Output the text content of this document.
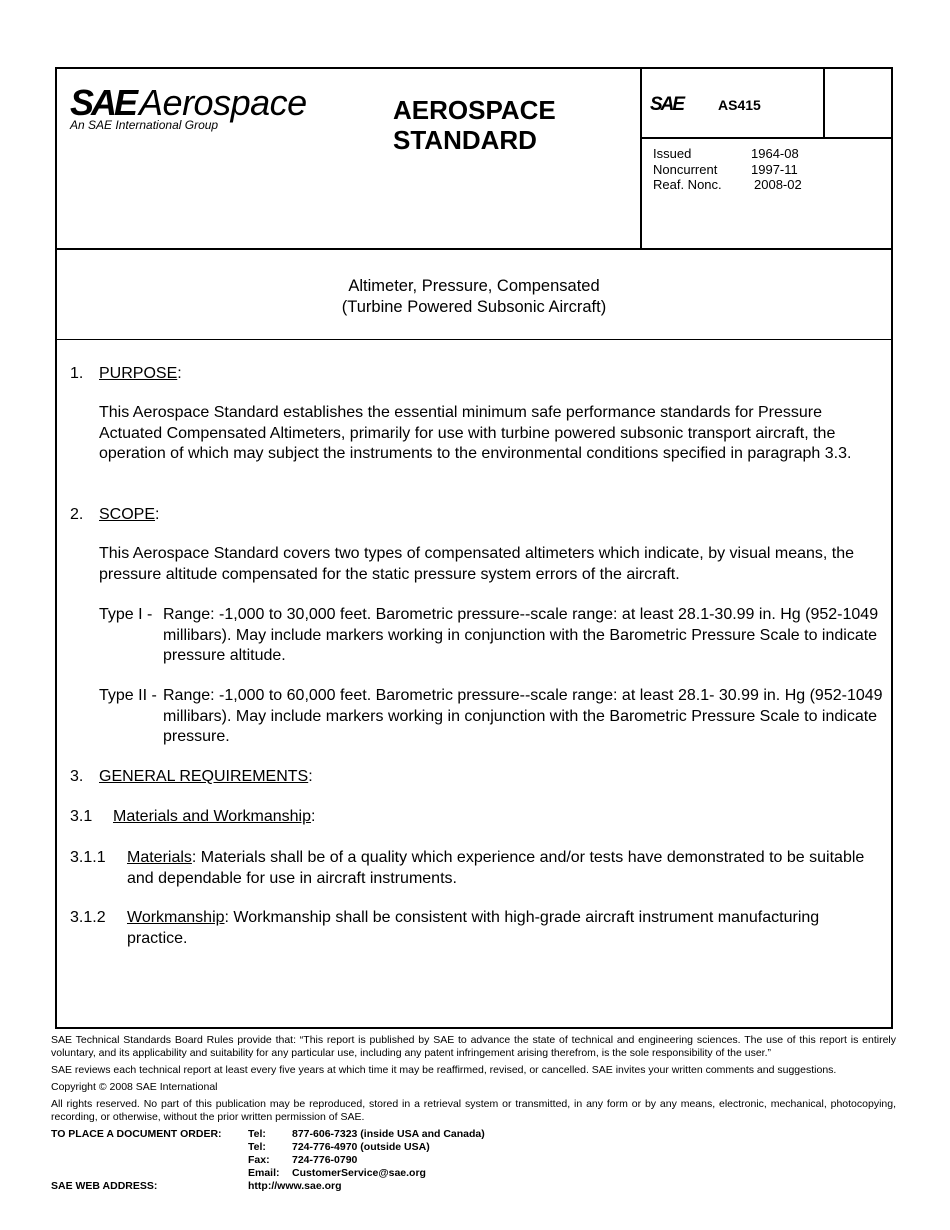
SAE Aerospace
An SAE International Group	AEROSPACE
STANDARD
SAE AS415
Issued	1964-08
Noncurrent	1997-11
Reaf. Nonc.	2008-02
Altimeter, Pressure, Compensated
(Turbine Powered Subsonic Aircraft)
1. PURPOSE:
This Aerospace Standard establishes the essential minimum safe performance standards for Pressure Actuated Compensated Altimeters, primarily for use with turbine powered subsonic transport aircraft, the operation of which may subject the instruments to the environmental conditions specified in paragraph 3.3.
2. SCOPE:
This Aerospace Standard covers two types of compensated altimeters which indicate, by visual means, the pressure altitude compensated for the static pressure system errors of the aircraft.
Type I - Range: -1,000 to 30,000 feet. Barometric pressure--scale range: at least 28.1-30.99 in. Hg (952-1049 millibars). May include markers working in conjunction with the Barometric Pressure Scale to indicate pressure altitude.
Type II - Range: -1,000 to 60,000 feet. Barometric pressure--scale range: at least 28.1- 30.99 in. Hg (952-1049 millibars). May include markers working in conjunction with the Barometric Pressure Scale to indicate pressure.
3. GENERAL REQUIREMENTS:
3.1 Materials and Workmanship:
3.1.1 Materials: Materials shall be of a quality which experience and/or tests have demonstrated to be suitable and dependable for use in aircraft instruments.
3.1.2 Workmanship: Workmanship shall be consistent with high-grade aircraft instrument manufacturing practice.
SAE Technical Standards Board Rules provide that: “This report is published by SAE to advance the state of technical and engineering sciences. The use of this report is entirely voluntary, and its applicability and suitability for any particular use, including any patent infringement arising therefrom, is the sole responsibility of the user.”
SAE reviews each technical report at least every five years at which time it may be reaffirmed, revised, or cancelled. SAE invites your written comments and suggestions.
Copyright © 2008 SAE International
All rights reserved. No part of this publication may be reproduced, stored in a retrieval system or transmitted, in any form or by any means, electronic, mechanical, photocopying, recording, or otherwise, without the prior written permission of SAE.
TO PLACE A DOCUMENT ORDER:	Tel: 877-606-7323 (inside USA and Canada)
Tel: 724-776-4970 (outside USA)
Fax: 724-776-0790
Email: CustomerService@sae.org
SAE WEB ADDRESS:	http://www.sae.org
